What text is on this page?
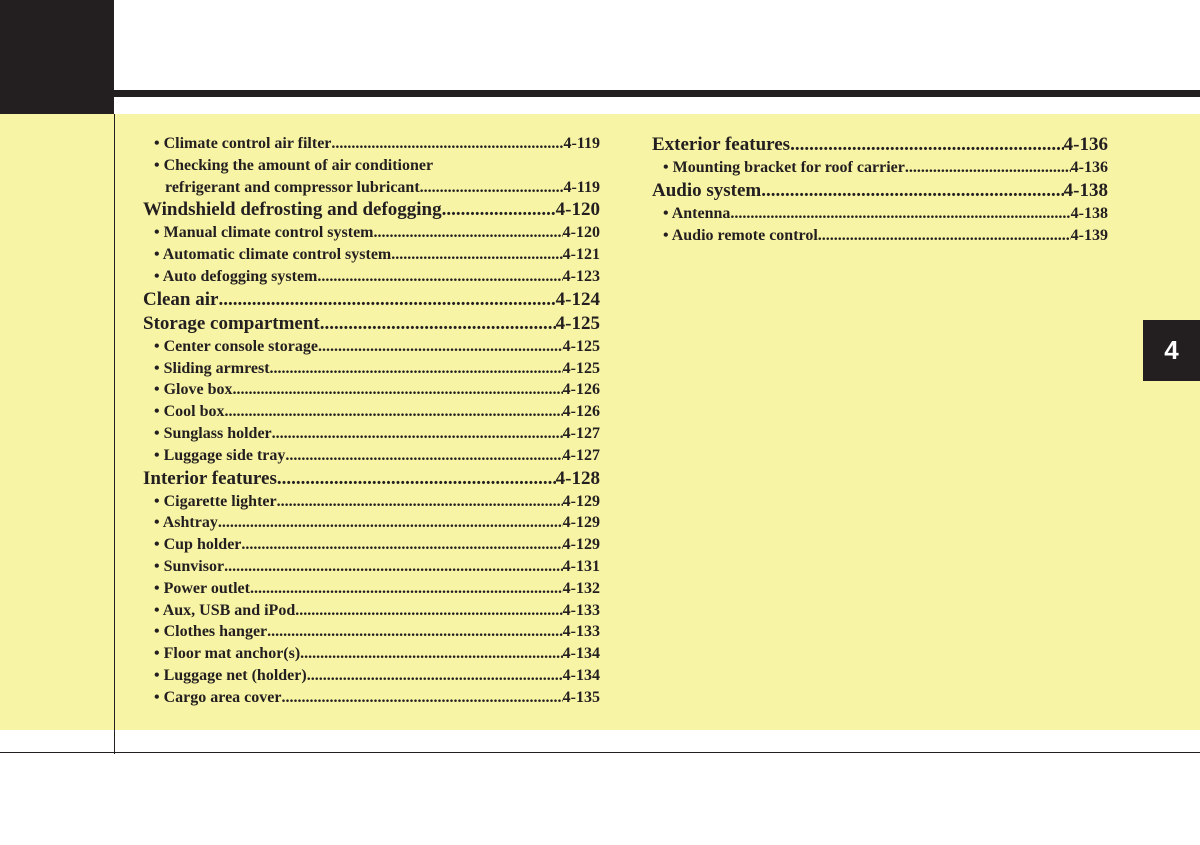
4
• Climate control air filter .....	4-119
• Checking the amount of air conditioner
refrigerant and compressor lubricant .....	4-119
Windshield defrosting and defogging .....	4-120
• Manual climate control system .....	4-120
• Automatic climate control system .....	4-121
• Auto defogging system .....	4-123
Clean air .....	4-124
Storage compartment .....	4-125
• Center console storage .....	4-125
• Sliding armrest .....	4-125
• Glove box .....	4-126
• Cool box .....	4-126
• Sunglass holder .....	4-127
• Luggage side tray .....	4-127
Interior features .....	4-128
• Cigarette lighter .....	4-129
• Ashtray .....	4-129
• Cup holder .....	4-129
• Sunvisor .....	4-131
• Power outlet .....	4-132
• Aux, USB and iPod .....	4-133
• Clothes hanger .....	4-133
• Floor mat anchor(s) .....	4-134
• Luggage net (holder) .....	4-134
• Cargo area cover .....	4-135
Exterior features .....	4-136
• Mounting bracket for roof carrier .....	4-136
Audio system .....	4-138
• Antenna .....	4-138
• Audio remote control .....	4-139
